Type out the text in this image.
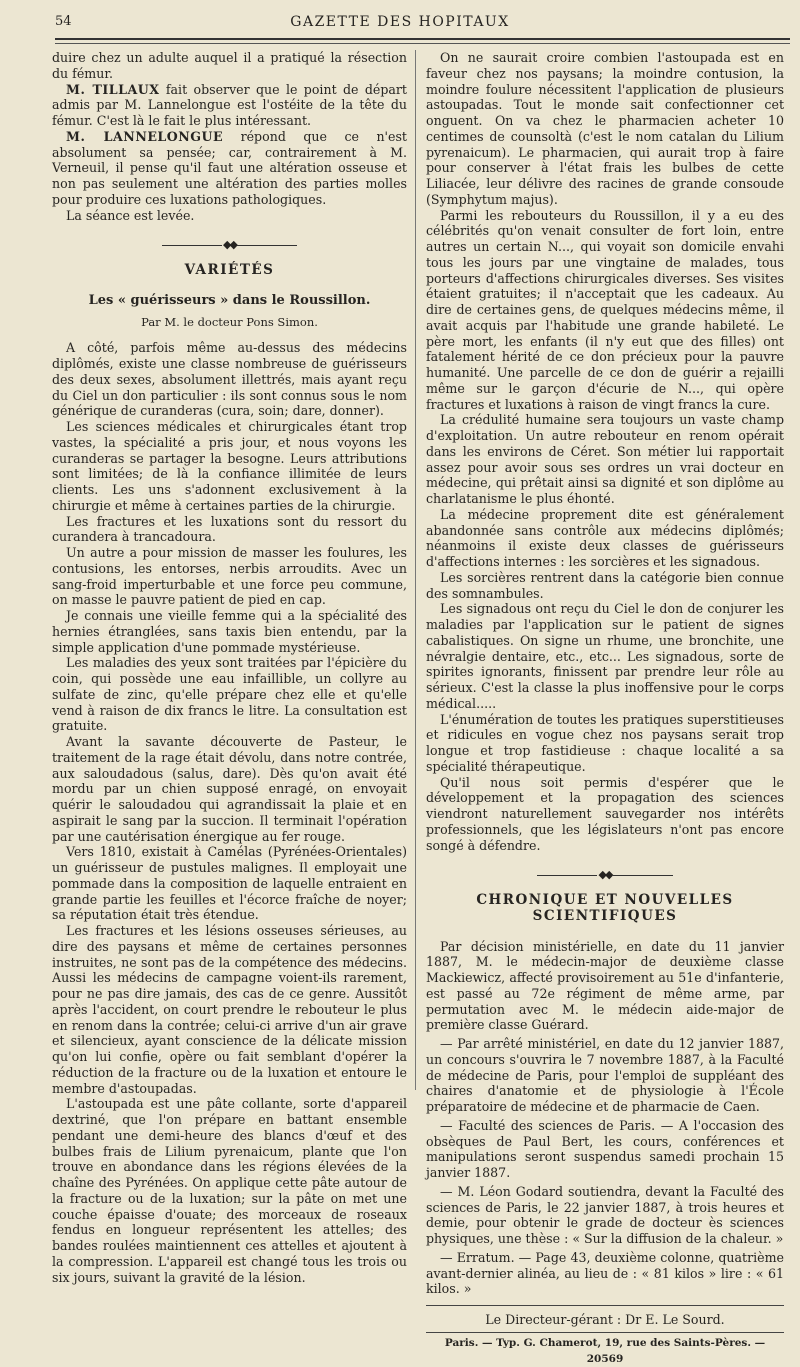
54	GAZETTE DES HOPITAUX

duire chez un adulte auquel il a pratiqué la résection du fémur.

M. TILLAUX fait observer que le point de départ admis par M. Lannelongue est l'ostéite de la tête du fémur. C'est là le fait le plus intéressant.

M. LANNELONGUE répond que ce n'est absolument sa pensée; car, contrairement à M. Verneuil, il pense qu'il faut une altération osseuse et non pas seulement une altération des parties molles pour produire ces luxations pathologiques.

La séance est levée.

◆◆
VARIÉTÉS
Les « guérisseurs » dans le Roussillon.
Par M. le docteur Pons Simon.

A côté, parfois même au-dessus des médecins diplômés, existe une classe nombreuse de guérisseurs des deux sexes, absolument illettrés, mais ayant reçu du Ciel un don particulier : ils sont connus sous le nom générique de curanderas (cura, soin; dare, donner).

Les sciences médicales et chirurgicales étant trop vastes, la spécialité a pris jour, et nous voyons les curanderas se partager la besogne. Leurs attributions sont limitées; de là la confiance illimitée de leurs clients. Les uns s'adonnent exclusivement à la chirurgie et même à certaines parties de la chirurgie.

Les fractures et les luxations sont du ressort du curandera à trancadoura.

Un autre a pour mission de masser les foulures, les contusions, les entorses, nerbis arroudits. Avec un sang-froid imperturbable et une force peu commune, on masse le pauvre patient de pied en cap.

Je connais une vieille femme qui a la spécialité des hernies étranglées, sans taxis bien entendu, par la simple application d'une pommade mystérieuse.

Les maladies des yeux sont traitées par l'épicière du coin, qui possède une eau infaillible, un collyre au sulfate de zinc, qu'elle prépare chez elle et qu'elle vend à raison de dix francs le litre. La consultation est gratuite.

Avant la savante découverte de Pasteur, le traitement de la rage était dévolu, dans notre contrée, aux saloudadous (salus, dare). Dès qu'on avait été mordu par un chien supposé enragé, on envoyait quérir le saloudadou qui agrandissait la plaie et en aspirait le sang par la succion. Il terminait l'opération par une cautérisation énergique au fer rouge.

Vers 1810, existait à Camélas (Pyrénées-Orientales) un guérisseur de pustules malignes. Il employait une pommade dans la composition de laquelle entraient en grande partie les feuilles et l'écorce fraîche de noyer; sa réputation était très étendue.

Les fractures et les lésions osseuses sérieuses, au dire des paysans et même de certaines personnes instruites, ne sont pas de la compétence des médecins. Aussi les médecins de campagne voient-ils rarement, pour ne pas dire jamais, des cas de ce genre. Aussitôt après l'accident, on court prendre le rebouteur le plus en renom dans la contrée; celui-ci arrive d'un air grave et silencieux, ayant conscience de la délicate mission qu'on lui confie, opère ou fait semblant d'opérer la réduction de la fracture ou de la luxation et entoure le membre d'astoupadas.

L'astoupada est une pâte collante, sorte d'appareil dextriné, que l'on prépare en battant ensemble pendant une demi-heure des blancs d'œuf et des bulbes frais de Lilium pyrenaicum, plante que l'on trouve en abondance dans les régions élevées de la chaîne des Pyrénées. On applique cette pâte autour de la fracture ou de la luxation; sur la pâte on met une couche épaisse d'ouate; des morceaux de roseaux fendus en longueur représentent les attelles; des bandes roulées maintiennent ces attelles et ajoutent à la compression. L'appareil est changé tous les trois ou six jours, suivant la gravité de la lésion.

On ne saurait croire combien l'astoupada est en faveur chez nos paysans; la moindre contusion, la moindre foulure nécessitent l'application de plusieurs astoupadas. Tout le monde sait confectionner cet onguent. On va chez le pharmacien acheter 10 centimes de counsoltà (c'est le nom catalan du Lilium pyrenaicum). Le pharmacien, qui aurait trop à faire pour conserver à l'état frais les bulbes de cette Liliacée, leur délivre des racines de grande consoude (Symphytum majus).

Parmi les rebouteurs du Roussillon, il y a eu des célébrités qu'on venait consulter de fort loin, entre autres un certain N..., qui voyait son domicile envahi tous les jours par une vingtaine de malades, tous porteurs d'affections chirurgicales diverses. Ses visites étaient gratuites; il n'acceptait que les cadeaux. Au dire de certaines gens, de quelques médecins même, il avait acquis par l'habitude une grande habileté. Le père mort, les enfants (il n'y eut que des filles) ont fatalement hérité de ce don précieux pour la pauvre humanité. Une parcelle de ce don de guérir a rejailli même sur le garçon d'écurie de N..., qui opère fractures et luxations à raison de vingt francs la cure.

La crédulité humaine sera toujours un vaste champ d'exploitation. Un autre rebouteur en renom opérait dans les environs de Céret. Son métier lui rapportait assez pour avoir sous ses ordres un vrai docteur en médecine, qui prêtait ainsi sa dignité et son diplôme au charlatanisme le plus éhonté.

La médecine proprement dite est généralement abandonnée sans contrôle aux médecins diplômés; néanmoins il existe deux classes de guérisseurs d'affections internes : les sorcières et les signadous.

Les sorcières rentrent dans la catégorie bien connue des somnambules.

Les signadous ont reçu du Ciel le don de conjurer les maladies par l'application sur le patient de signes cabalistiques. On signe un rhume, une bronchite, une névralgie dentaire, etc., etc... Les signadous, sorte de spirites ignorants, finissent par prendre leur rôle au sérieux. C'est la classe la plus inoffensive pour le corps médical.....

L'énumération de toutes les pratiques superstitieuses et ridicules en vogue chez nos paysans serait trop longue et trop fastidieuse : chaque localité a sa spécialité thérapeutique.

Qu'il nous soit permis d'espérer que le développement et la propagation des sciences viendront naturellement sauvegarder nos intérêts professionnels, que les législateurs n'ont pas encore songé à défendre.

◆◆
CHRONIQUE ET NOUVELLES SCIENTIFIQUES

Par décision ministérielle, en date du 11 janvier 1887, M. le médecin-major de deuxième classe Mackiewicz, affecté provisoirement au 51e d'infanterie, est passé au 72e régiment de même arme, par permutation avec M. le médecin aide-major de première classe Guérard.

— Par arrêté ministériel, en date du 12 janvier 1887, un concours s'ouvrira le 7 novembre 1887, à la Faculté de médecine de Paris, pour l'emploi de suppléant des chaires d'anatomie et de physiologie à l'École préparatoire de médecine et de pharmacie de Caen.

— Faculté des sciences de Paris. — A l'occasion des obsèques de Paul Bert, les cours, conférences et manipulations seront suspendus samedi prochain 15 janvier 1887.

— M. Léon Godard soutiendra, devant la Faculté des sciences de Paris, le 22 janvier 1887, à trois heures et demie, pour obtenir le grade de docteur ès sciences physiques, une thèse : « Sur la diffusion de la chaleur. »

— Erratum. — Page 43, deuxième colonne, quatrième avant-dernier alinéa, au lieu de : « 81 kilos » lire : « 61 kilos. »

Le Directeur-gérant : Dr E. Le Sourd.
Paris. — Typ. G. Chamerot, 19, rue des Saints-Pères. — 20569
